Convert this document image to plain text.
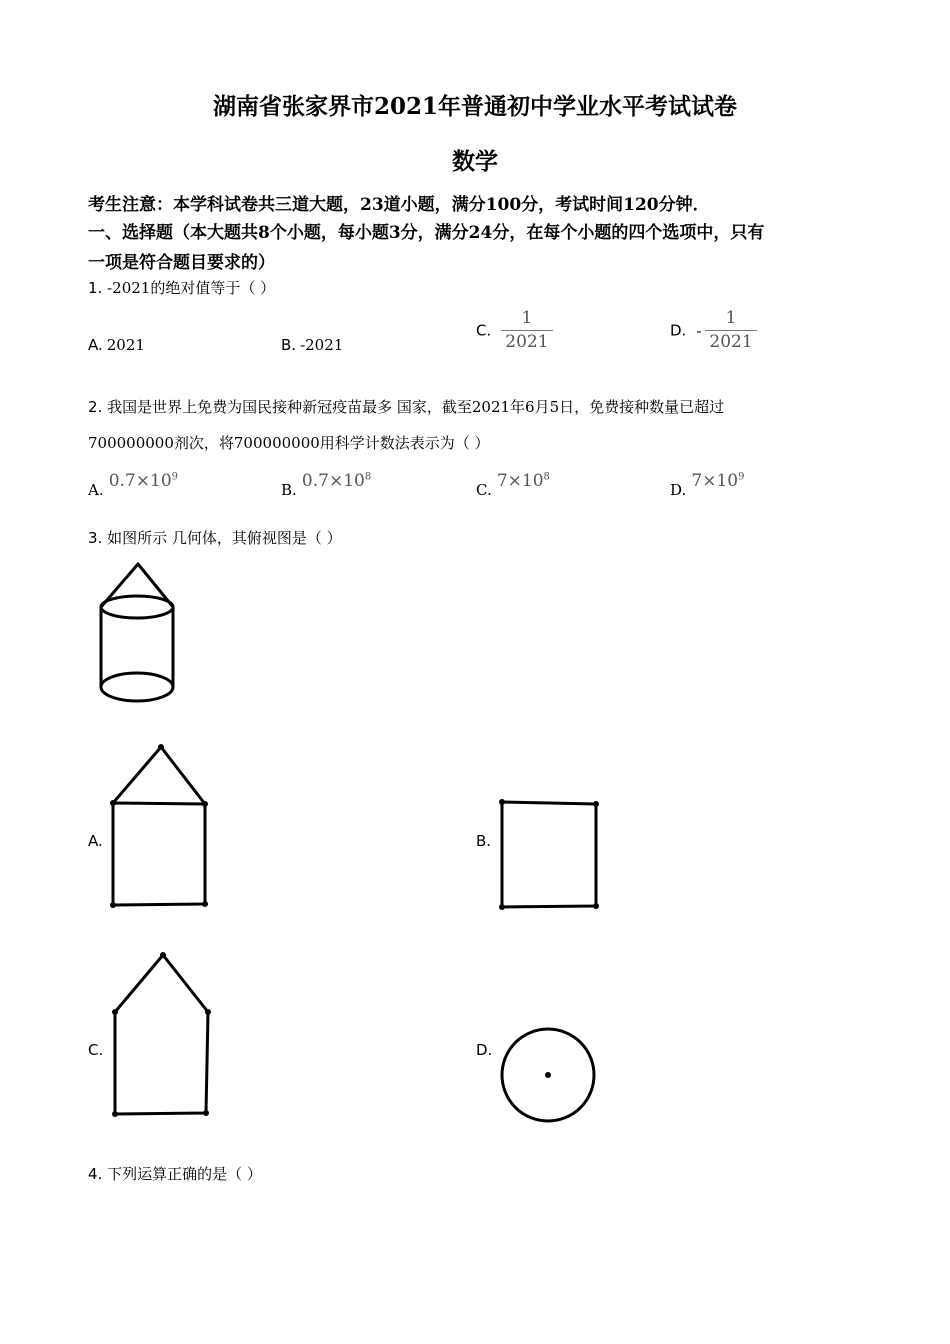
湖南省张家界市2021年普通初中学业水平考试试卷
数学
考生注意：本学科试卷共三道大题，23道小题，满分100分，考试时间120分钟．
一、选择题（本大题共8个小题，每小题3分，满分24分，在每个小题的四个选项中，只有
一项是符合题目要求的）
1. -2021的绝对值等于（ ）
A. 2021	B. -2021
C. $\frac{1}{2021}$	D. - $\frac{1}{2021}$
2. 我国是世界上免费为国民接种新冠疫苗最多 国家，截至2021年6月5日，免费接种数量已超过
700000000剂次，将700000000用科学计数法表示为（ ）
A. $0.7\times 10^9$
B. $0.7\times 10^8$
C. $7\times 10^8$
D. $7\times 10^9$
3. 如图所示 几何体，其俯视图是（ ）
A.	B.
C.	D.
4. 下列运算正确的是（ ）
